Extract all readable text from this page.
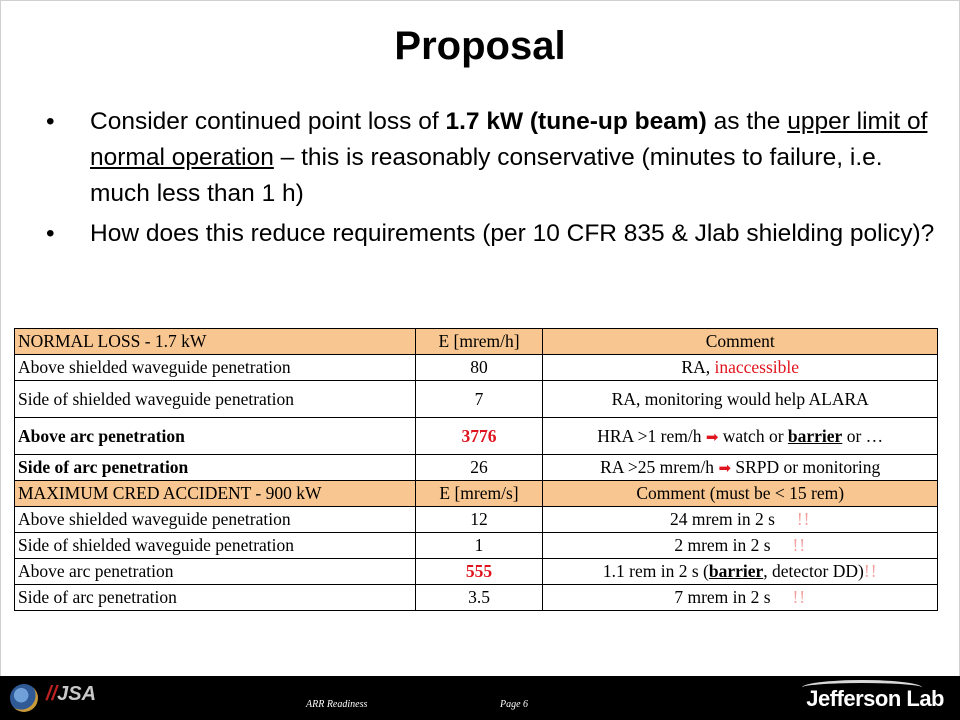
Proposal
• Consider continued point loss of 1.7 kW (tune-up beam) as the upper limit of normal operation – this is reasonably conservative (minutes to failure, i.e. much less than 1 h)
• How does this reduce requirements (per 10 CFR 835 & Jlab shielding policy)?
NORMAL LOSS - 1.7 kW	E [mrem/h]	Comment
Above shielded waveguide penetration	80	RA, inaccessible
Side of shielded waveguide penetration	7	RA, monitoring would help ALARA
Above arc penetration	3776	HRA >1 rem/h ➡ watch or barrier or …
Side of arc penetration	26	RA >25 mrem/h ➡ SRPD or monitoring
MAXIMUM CRED ACCIDENT - 900 kW	E [mrem/s]	Comment (must be < 15 rem)
Above shielded waveguide penetration	12	24 mrem in 2 s !!
Side of shielded waveguide penetration	1	2 mrem in 2 s !!
Above arc penetration	555	1.1 rem in 2 s (barrier, detector DD)!!
Side of arc penetration	3.5	7 mrem in 2 s !!
//JSA	ARR Readiness	Page 6	Jefferson Lab
